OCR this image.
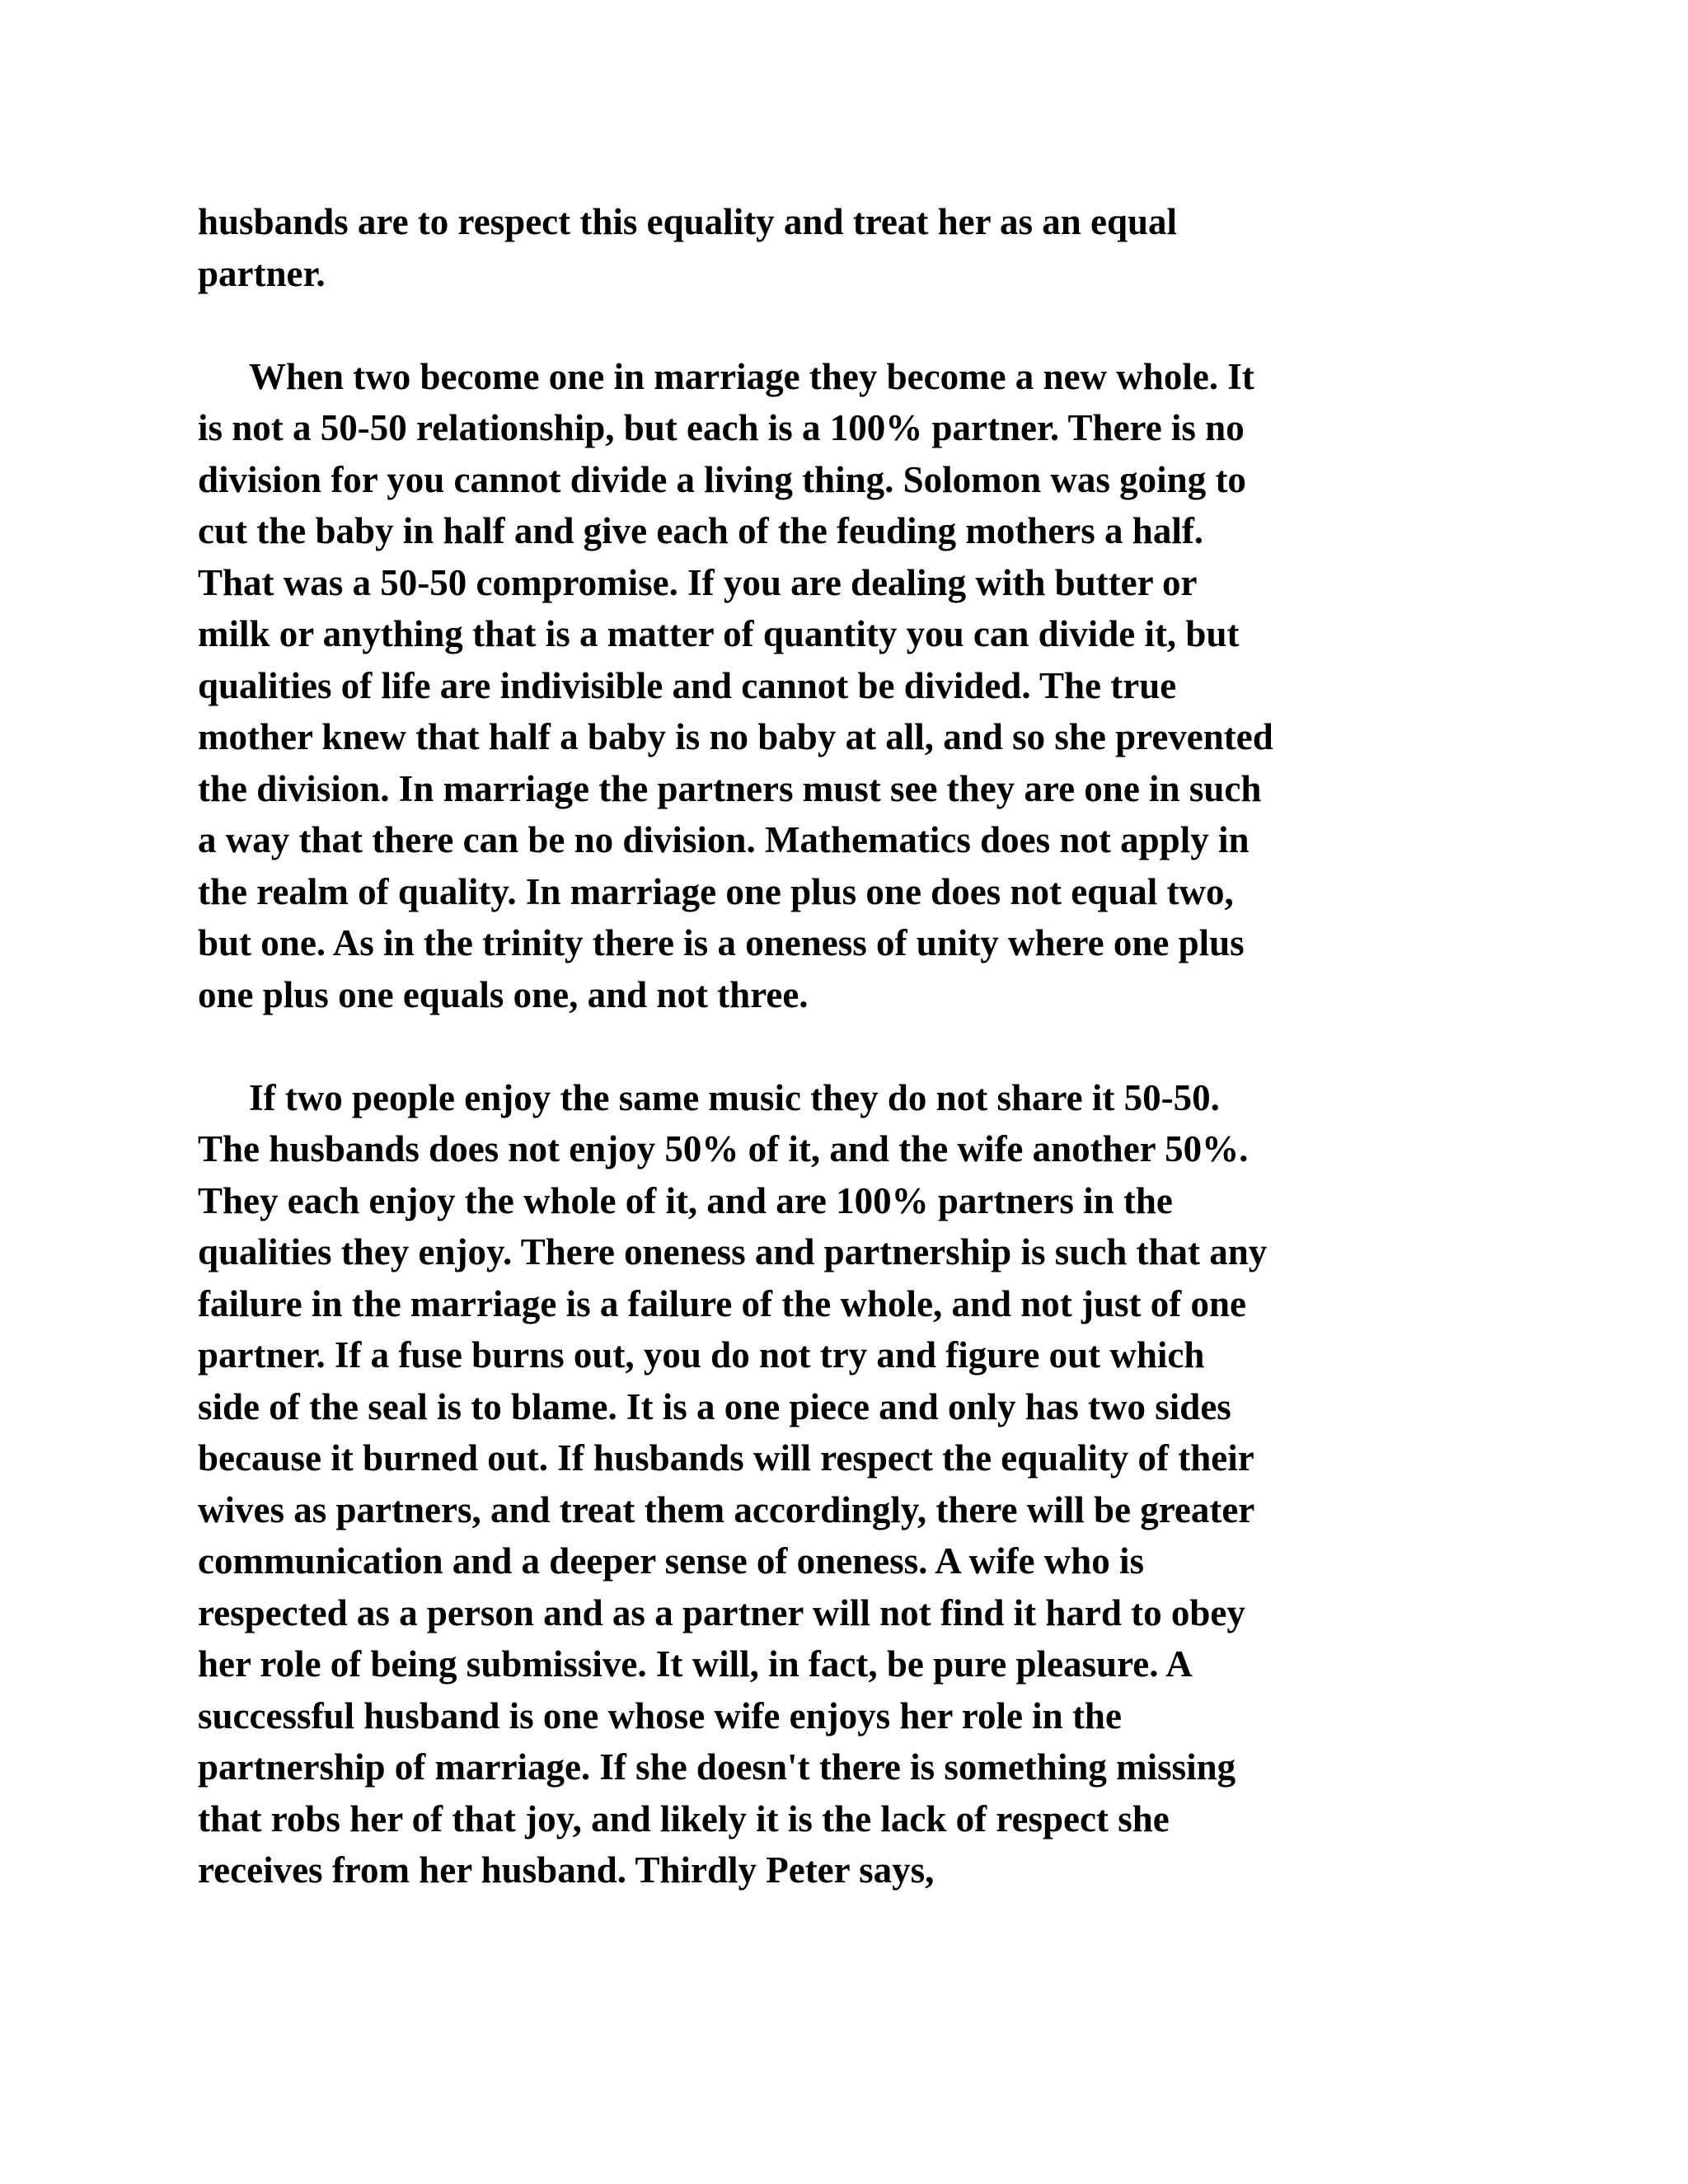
husbands are to respect this equality and treat her as an equal
partner.
When two become one in marriage they become a new whole. It
is not a 50-50 relationship, but each is a 100% partner. There is no
division for you cannot divide a living thing. Solomon was going to
cut the baby in half and give each of the feuding mothers a half.
That was a 50-50 compromise. If you are dealing with butter or
milk or anything that is a matter of quantity you can divide it, but
qualities of life are indivisible and cannot be divided. The true
mother knew that half a baby is no baby at all, and so she prevented
the division. In marriage the partners must see they are one in such
a way that there can be no division. Mathematics does not apply in
the realm of quality. In marriage one plus one does not equal two,
but one. As in the trinity there is a oneness of unity where one plus
one plus one equals one, and not three.
If two people enjoy the same music they do not share it 50-50.
The husbands does not enjoy 50% of it, and the wife another 50%.
They each enjoy the whole of it, and are 100% partners in the
qualities they enjoy. There oneness and partnership is such that any
failure in the marriage is a failure of the whole, and not just of one
partner. If a fuse burns out, you do not try and figure out which
side of the seal is to blame. It is a one piece and only has two sides
because it burned out. If husbands will respect the equality of their
wives as partners, and treat them accordingly, there will be greater
communication and a deeper sense of oneness. A wife who is
respected as a person and as a partner will not find it hard to obey
her role of being submissive. It will, in fact, be pure pleasure. A
successful husband is one whose wife enjoys her role in the
partnership of marriage. If she doesn't there is something missing
that robs her of that joy, and likely it is the lack of respect she
receives from her husband. Thirdly Peter says,
